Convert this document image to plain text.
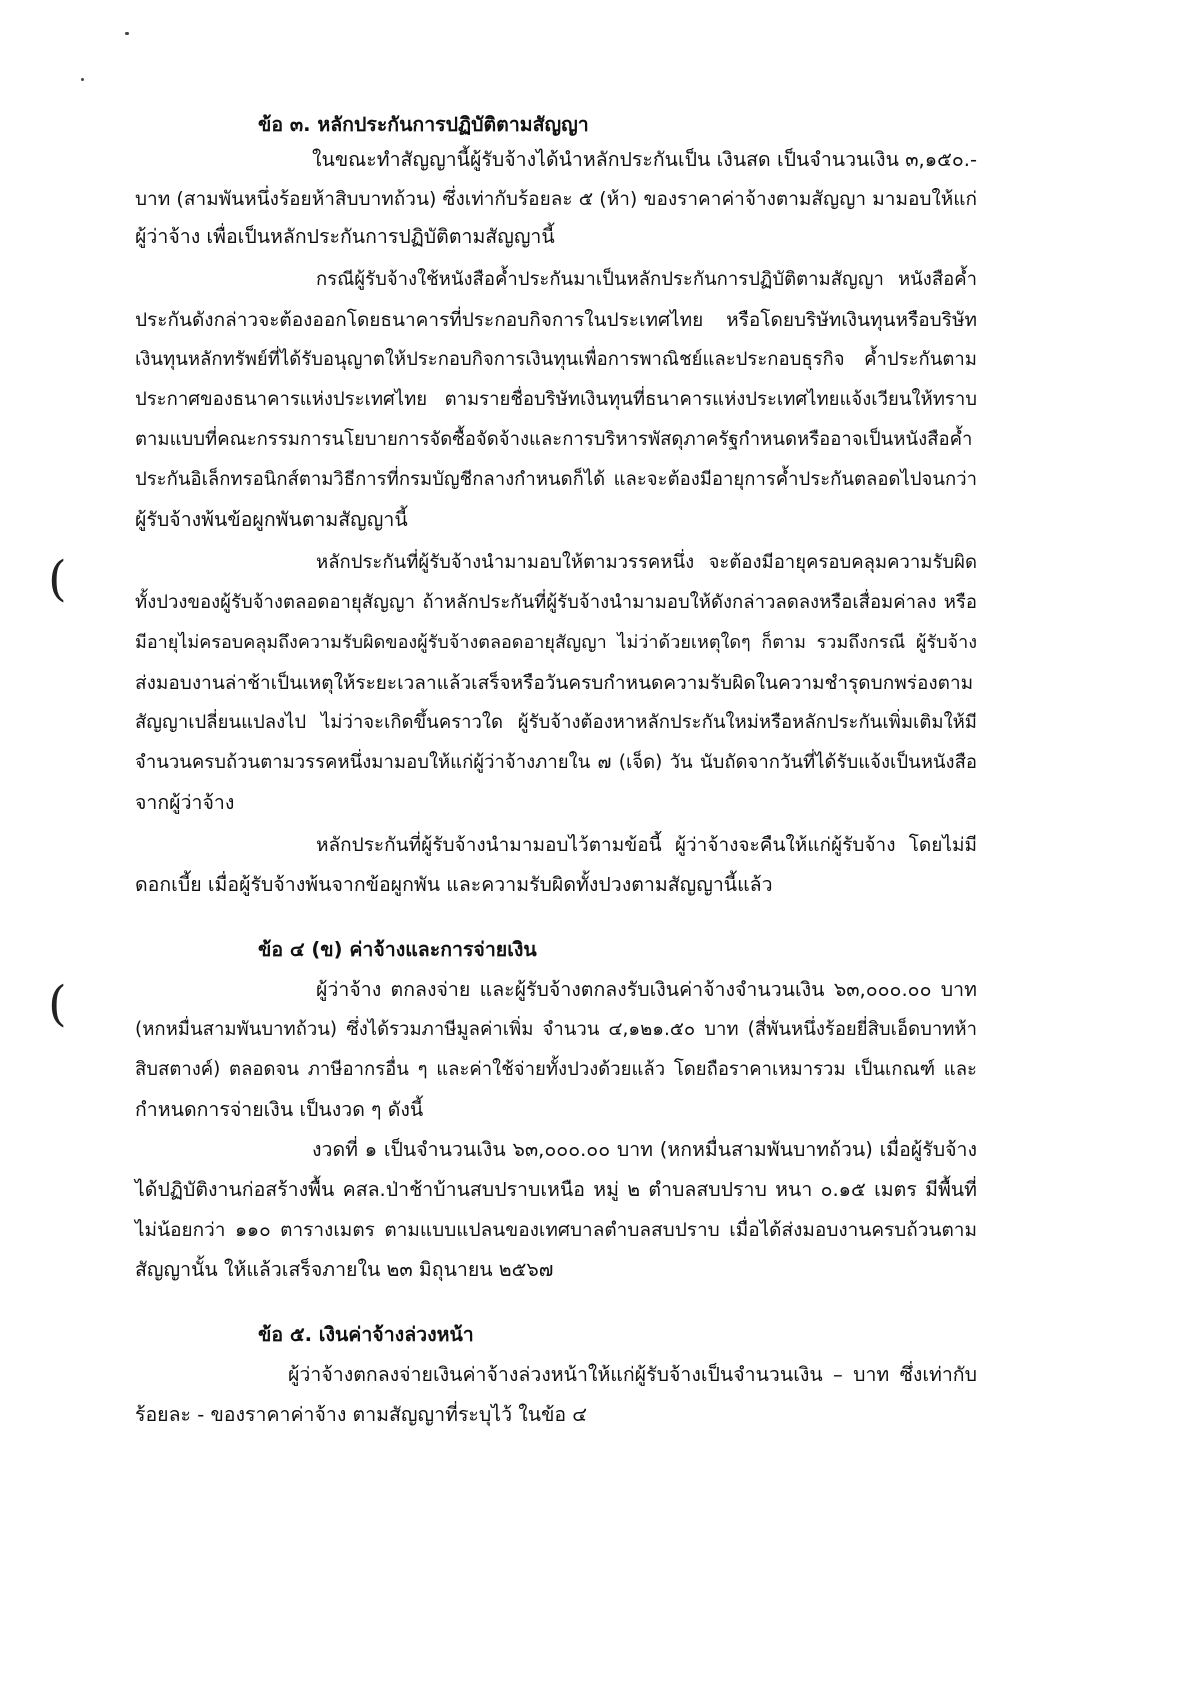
(
(
ข้อ ๓. หลักประกันการปฏิบัติตามสัญญา
ในขณะทำสัญญานี้ผู้รับจ้างได้นำหลักประกันเป็น เงินสด เป็นจำนวนเงิน ๓,๑๕๐.-
บาท (สามพันหนึ่งร้อยห้าสิบบาทถ้วน) ซึ่งเท่ากับร้อยละ ๕ (ห้า) ของราคาค่าจ้างตามสัญญา มามอบให้แก่
ผู้ว่าจ้าง เพื่อเป็นหลักประกันการปฏิบัติตามสัญญานี้
กรณีผู้รับจ้างใช้หนังสือค้ำประกันมาเป็นหลักประกันการปฏิบัติตามสัญญา หนังสือค้ำ
ประกันดังกล่าวจะต้องออกโดยธนาคารที่ประกอบกิจการในประเทศไทย หรือโดยบริษัทเงินทุนหรือบริษัท
เงินทุนหลักทรัพย์ที่ได้รับอนุญาตให้ประกอบกิจการเงินทุนเพื่อการพาณิชย์และประกอบธุรกิจ ค้ำประกันตาม
ประกาศของธนาคารแห่งประเทศไทย ตามรายชื่อบริษัทเงินทุนที่ธนาคารแห่งประเทศไทยแจ้งเวียนให้ทราบ
ตามแบบที่คณะกรรมการนโยบายการจัดซื้อจัดจ้างและการบริหารพัสดุภาครัฐกำหนดหรืออาจเป็นหนังสือค้ำ
ประกันอิเล็กทรอนิกส์ตามวิธีการที่กรมบัญชีกลางกำหนดก็ได้ และจะต้องมีอายุการค้ำประกันตลอดไปจนกว่า
ผู้รับจ้างพ้นข้อผูกพันตามสัญญานี้
หลักประกันที่ผู้รับจ้างนำมามอบให้ตามวรรคหนึ่ง จะต้องมีอายุครอบคลุมความรับผิด
ทั้งปวงของผู้รับจ้างตลอดอายุสัญญา ถ้าหลักประกันที่ผู้รับจ้างนำมามอบให้ดังกล่าวลดลงหรือเสื่อมค่าลง หรือ
มีอายุไม่ครอบคลุมถึงความรับผิดของผู้รับจ้างตลอดอายุสัญญา ไม่ว่าด้วยเหตุใดๆ ก็ตาม รวมถึงกรณี ผู้รับจ้าง
ส่งมอบงานล่าช้าเป็นเหตุให้ระยะเวลาแล้วเสร็จหรือวันครบกำหนดความรับผิดในความชำรุดบกพร่องตาม
สัญญาเปลี่ยนแปลงไป ไม่ว่าจะเกิดขึ้นคราวใด ผู้รับจ้างต้องหาหลักประกันใหม่หรือหลักประกันเพิ่มเติมให้มี
จำนวนครบถ้วนตามวรรคหนึ่งมามอบให้แก่ผู้ว่าจ้างภายใน ๗ (เจ็ด) วัน นับถัดจากวันที่ได้รับแจ้งเป็นหนังสือ
จากผู้ว่าจ้าง
หลักประกันที่ผู้รับจ้างนำมามอบไว้ตามข้อนี้ ผู้ว่าจ้างจะคืนให้แก่ผู้รับจ้าง โดยไม่มี
ดอกเบี้ย เมื่อผู้รับจ้างพ้นจากข้อผูกพัน และความรับผิดทั้งปวงตามสัญญานี้แล้ว
ข้อ ๔ (ข) ค่าจ้างและการจ่ายเงิน
ผู้ว่าจ้าง ตกลงจ่าย และผู้รับจ้างตกลงรับเงินค่าจ้างจำนวนเงิน ๖๓,๐๐๐.๐๐ บาท
(หกหมื่นสามพันบาทถ้วน) ซึ่งได้รวมภาษีมูลค่าเพิ่ม จำนวน ๔,๑๒๑.๕๐ บาท (สี่พันหนึ่งร้อยยี่สิบเอ็ดบาทห้า
สิบสตางค์) ตลอดจน ภาษีอากรอื่น ๆ และค่าใช้จ่ายทั้งปวงด้วยแล้ว โดยถือราคาเหมารวม เป็นเกณฑ์ และ
กำหนดการจ่ายเงิน เป็นงวด ๆ ดังนี้
งวดที่ ๑ เป็นจำนวนเงิน ๖๓,๐๐๐.๐๐ บาท (หกหมื่นสามพันบาทถ้วน) เมื่อผู้รับจ้าง
ได้ปฏิบัติงานก่อสร้างพื้น คสล.ป่าช้าบ้านสบปราบเหนือ หมู่ ๒ ตำบลสบปราบ หนา ๐.๑๕ เมตร มีพื้นที่
ไม่น้อยกว่า ๑๑๐ ตารางเมตร ตามแบบแปลนของเทศบาลตำบลสบปราบ เมื่อได้ส่งมอบงานครบถ้วนตาม
สัญญานั้น ให้แล้วเสร็จภายใน ๒๓ มิถุนายน ๒๕๖๗
ข้อ ๕. เงินค่าจ้างล่วงหน้า
ผู้ว่าจ้างตกลงจ่ายเงินค่าจ้างล่วงหน้าให้แก่ผู้รับจ้างเป็นจำนวนเงิน – บาท ซึ่งเท่ากับ
ร้อยละ - ของราคาค่าจ้าง ตามสัญญาที่ระบุไว้ ในข้อ ๔
